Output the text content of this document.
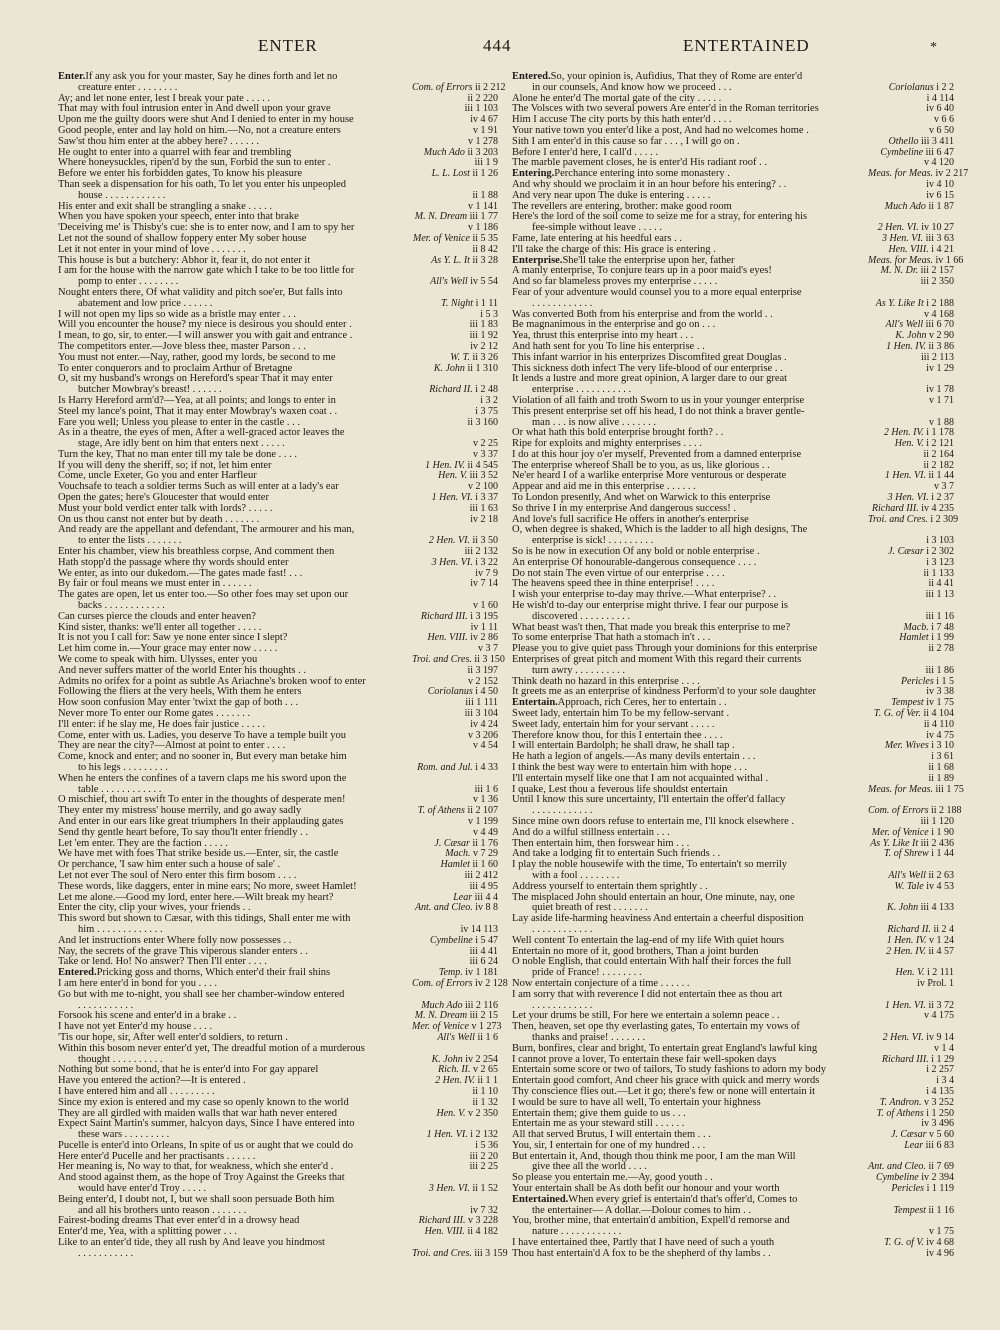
ENTER	444	ENTERTAINED	*
Enter.If any ask you for your master, Say he dines forth and let no
creature enter . . . . . . . .	Com. of Errors ii 2 212
Ay; and let none enter, lest I break your pate . . . . .	ii 2 220
That may with foul intrusion enter in And dwell upon your grave	iii 1 103
Upon me the guilty doors were shut And I denied to enter in my house	iv 4 67
Good people, enter and lay hold on him.—No, not a creature enters	v 1 91
Saw'st thou him enter at the abbey here? . . . . . .	v 1 278
He ought to enter into a quarrel with fear and trembling	Much Ado ii 3 203
Where honeysuckles, ripen'd by the sun, Forbid the sun to enter .	iii 1 9
Before we enter his forbidden gates, To know his pleasure	L. L. Lost ii 1 26
Than seek a dispensation for his oath, To let you enter his unpeopled
house . . . . . . . . . . . .	ii 1 88
His enter and exit shall be strangling a snake . . . . .	v 1 141
When you have spoken your speech, enter into that brake	M. N. Dream iii 1 77
'Deceiving me' is Thisby's cue: she is to enter now, and I am to spy her	v 1 186
Let not the sound of shallow foppery enter My sober house	Mer. of Venice ii 5 35
Let it not enter in your mind of love . . . . . . .	ii 8 42
This house is but a butchery: Abhor it, fear it, do not enter it	As Y. L. It ii 3 28
I am for the house with the narrow gate which I take to be too little for
pomp to enter . . . . . . . .	All's Well iv 5 54
Nought enters there, Of what validity and pitch soe'er, But falls into
abatement and low price . . . . . .	T. Night i 1 11
I will not open my lips so wide as a bristle may enter . . .	i 5 3
Will you encounter the house? my niece is desirous you should enter .	iii 1 83
I mean, to go, sir, to enter.—I will answer you with gait and entrance .	iii 1 92
The competitors enter.—Jove bless thee, master Parson . . .	iv 2 12
You must not enter.—Nay, rather, good my lords, be second to me	W. T. ii 3 26
To enter conquerors and to proclaim Arthur of Bretagne	K. John ii 1 310
O, sit my husband's wrongs on Hereford's spear That it may enter
butcher Mowbray's breast! . . . . . .	Richard II. i 2 48
Is Harry Hereford arm'd?—Yea, at all points; and longs to enter in	i 3 2
Steel my lance's point, That it may enter Mowbray's waxen coat . .	i 3 75
Fare you well; Unless you please to enter in the castle . . .	ii 3 160
As in a theatre, the eyes of men, After a well-graced actor leaves the
stage, Are idly bent on him that enters next . . . . .	v 2 25
Turn the key, That no man enter till my tale be done . . . .	v 3 37
If you will deny the sheriff, so; if not, let him enter	1 Hen. IV. ii 4 545
Come, uncle Exeter, Go you and enter Harfleur	Hen. V. iii 3 52
Vouchsafe to teach a soldier terms Such as will enter at a lady's ear	v 2 100
Open the gates; here's Gloucester that would enter	1 Hen. VI. i 3 37
Must your bold verdict enter talk with lords? . . . . .	iii 1 63
On us thou canst not enter but by death . . . . . . .	iv 2 18
And ready are the appellant and defendant, The armourer and his man,
to enter the lists . . . . . . .	2 Hen. VI. ii 3 50
Enter his chamber, view his breathless corpse, And comment then	iii 2 132
Hath stopp'd the passage where thy words should enter	3 Hen. VI. i 3 22
We enter, as into our dukedom.—The gates made fast! . . .	iv 7 9
By fair or foul means we must enter in . . . . . .	iv 7 14
The gates are open, let us enter too.—So other foes may set upon our
backs . . . . . . . . . . . .	v 1 60
Can curses pierce the clouds and enter heaven?	Richard III. i 3 195
Kind sister, thanks: we'll enter all together . . . . .	iv 1 11
It is not you I call for: Saw ye none enter since I slept?	Hen. VIII. iv 2 86
Let him come in.—Your grace may enter now . . . . .	v 3 7
We come to speak with him. Ulysses, enter you	Troi. and Cres. ii 3 150
And never suffers matter of the world Enter his thoughts . .	ii 3 197
Admits no orifex for a point as subtle As Ariachne's broken woof to enter	v 2 152
Following the fliers at the very heels, With them he enters	Coriolanus i 4 50
How soon confusion May enter 'twixt the gap of both . . .	iii 1 111
Never more To enter our Rome gates . . . . . . .	iii 3 104
I'll enter: if he slay me, He does fair justice . . . . .	iv 4 24
Come, enter with us. Ladies, you deserve To have a temple built you	v 3 206
They are near the city?—Almost at point to enter . . . .	v 4 54
Come, knock and enter; and no sooner in, But every man betake him
to his legs . . . . . . . . .	Rom. and Jul. i 4 33
When he enters the confines of a tavern claps me his sword upon the
table . . . . . . . . . . . .	iii 1 6
O mischief, thou art swift To enter in the thoughts of desperate men!	v 1 36
They enter my mistress' house merrily, and go away sadly	T. of Athens ii 2 107
And enter in our ears like great triumphers In their applauding gates	v 1 199
Send thy gentle heart before, To say thou'lt enter friendly . .	v 4 49
Let 'em enter. They are the faction . . . . .	J. Cæsar ii 1 76
We have met with foes That strike beside us.—Enter, sir, the castle	Mach. v 7 29
Or perchance, 'I saw him enter such a house of sale' .	Hamlet ii 1 60
Let not ever The soul of Nero enter this firm bosom . . . .	iii 2 412
These words, like daggers, enter in mine ears; No more, sweet Hamlet!	iii 4 95
Let me alone.—Good my lord, enter here.—Wilt break my heart?	Lear iii 4 4
Enter the city, clip your wives, your friends . .	Ant. and Cleo. iv 8 8
This sword but shown to Cæsar, with this tidings, Shall enter me with
him . . . . . . . . . . . . .	iv 14 113
And let instructions enter Where folly now possesses . .	Cymbeline i 5 47
Nay, the secrets of the grave This viperous slander enters . .	iii 4 41
Take or lend. Ho! No answer? Then I'll enter . . . .	iii 6 24
Entered.Pricking goss and thorns, Which enter'd their frail shins	Temp. iv 1 181
I am here enter'd in bond for you . . . .	Com. of Errors iv 2 128
Go but with me to-night, you shall see her chamber-window entered
. . . . . . . . . . .	Much Ado iii 2 116
Forsook his scene and enter'd in a brake . .	M. N. Dream iii 2 15
I have not yet Enter'd my house . . . .	Mer. of Venice v 1 273
'Tis our hope, sir, After well enter'd soldiers, to return .	All's Well ii 1 6
Within this bosom never enter'd yet, The dreadful motion of a murderous
thought . . . . . . . . . .	K. John iv 2 254
Nothing but some bond, that he is enter'd into For gay apparel	Rich. II. v 2 65
Have you entered the action?—It is entered .	2 Hen. IV. ii 1 1
I have entered him and all . . . . . . . . .	ii 1 10
Since my exion is entered and my case so openly known to the world	ii 1 32
They are all girdled with maiden walls that war hath never entered	Hen. V. v 2 350
Expect Saint Martin's summer, halcyon days, Since I have entered into
these wars . . . . . . . . .	1 Hen. VI. i 2 132
Pucelle is enter'd into Orleans, In spite of us or aught that we could do	i 5 36
Here enter'd Pucelle and her practisants . . . . . .	iii 2 20
Her meaning is, No way to that, for weakness, which she enter'd .	iii 2 25
And stood against them, as the hope of Troy Against the Greeks that
would have enter'd Troy . . . . .	3 Hen. VI. ii 1 52
Being enter'd, I doubt not, I, but we shall soon persuade Both him
and all his brothers unto reason . . . . . . .	iv 7 32
Fairest-boding dreams That ever enter'd in a drowsy head	Richard III. v 3 228
Enter'd me, Yea, with a splitting power . . .	Hen. VIII. ii 4 182
Like to an enter'd tide, they all rush by And leave you hindmost
. . . . . . . . . . .	Troi. and Cres. iii 3 159
Entered.So, your opinion is, Aufidius, That they of Rome are enter'd
in our counsels, And know how we proceed . . .	Coriolanus i 2 2
Alone he enter'd The mortal gate of the city . . . . .	i 4 114
The Volsces with two several powers Are enter'd in the Roman territories	iv 6 40
Him I accuse The city ports by this hath enter'd . . . .	v 6 6
Your native town you enter'd like a post, And had no welcomes home .	v 6 50
Sith I am enter'd in this cause so far . . . , I will go on .	Othello iii 3 411
Before I enter'd here, I call'd . . . . .	Cymbeline iii 6 47
The marble pavement closes, he is enter'd His radiant roof . .	v 4 120
Entering.Perchance entering into some monastery .	Meas. for Meas. iv 2 217
And why should we proclaim it in an hour before his entering? . .	iv 4 10
And very near upon The duke is entering . . . . .	iv 6 15
The revellers are entering, brother: make good room	Much Ado ii 1 87
Here's the lord of the soil come to seize me for a stray, for entering his
fee-simple without leave . . . . .	2 Hen. VI. iv 10 27
Fame, late entering at his heedful ears . .	3 Hen. VI. iii 3 63
I'll take the charge of this: His grace is entering .	Hen. VIII. i 4 21
Enterprise.She'll take the enterprise upon her, father	Meas. for Meas. iv 1 66
A manly enterprise, To conjure tears up in a poor maid's eyes!	M. N. Dr. iii 2 157
And so far blameless proves my enterprise . . . . .	iii 2 350
Fear of your adventure would counsel you to a more equal enterprise
. . . . . . . . . . . .	As Y. Like It i 2 188
Was converted Both from his enterprise and from the world . .	v 4 168
Be magnanimous in the enterprise and go on . . .	All's Well iii 6 70
Yea, thrust this enterprise into my heart . . .	K. John v 2 90
And hath sent for you To line his enterprise . .	1 Hen. IV. ii 3 86
This infant warrior in his enterprizes Discomfited great Douglas .	iii 2 113
This sickness doth infect The very life-blood of our enterprise . .	iv 1 29
It lends a lustre and more great opinion, A larger dare to our great
enterprise . . . . . . . . . . .	iv 1 78
Violation of all faith and troth Sworn to us in your younger enterprise	v 1 71
This present enterprise set off his head, I do not think a braver gentle-
man . . . is now alive . . . . . . .	v 1 88
Or what hath this bold enterprise brought forth? . .	2 Hen. IV. i 1 178
Ripe for exploits and mighty enterprises . . . .	Hen. V. i 2 121
I do at this hour joy o'er myself, Prevented from a damned enterprise	ii 2 164
The enterprise whereof Shall be to you, as us, like glorious . .	ii 2 182
Ne'er heard I of a warlike enterprise More venturous or desperate	1 Hen. VI. ii 1 44
Appear and aid me in this enterprise . . . . . .	v 3 7
To London presently, And whet on Warwick to this enterprise	3 Hen. VI. i 2 37
So thrive I in my enterprise And dangerous success! .	Richard III. iv 4 235
And love's full sacrifice He offers in another's enterprise	Troi. and Cres. i 2 309
O, when degree is shaked, Which is the ladder to all high designs, The
enterprise is sick! . . . . . . . . .	i 3 103
So is he now in execution Of any bold or noble enterprise .	J. Cæsar i 2 302
An enterprise Of honourable-dangerous consequence . . . .	i 3 123
Do not stain The even virtue of our enterprise . . . .	ii 1 133
The heavens speed thee in thine enterprise! . . . .	ii 4 41
I wish your enterprise to-day may thrive.—What enterprise? . .	iii 1 13
He wish'd to-day our enterprise might thrive. I fear our purpose is
discovered . . . . . . . . . .	iii 1 16
What beast was't then, That made you break this enterprise to me?	Macb. i 7 48
To some enterprise That hath a stomach in't . . .	Hamlet i 1 99
Please you to give quiet pass Through your dominions for this enterprise	ii 2 78
Enterprises of great pitch and moment With this regard their currents
turn awry . . . . . . . . . .	iii 1 86
Think death no hazard in this enterprise . . . .	Pericles i 1 5
It greets me as an enterprise of kindness Perform'd to your sole daughter	iv 3 38
Entertain.Approach, rich Ceres, her to entertain . .	Tempest iv 1 75
Sweet lady, entertain him To be my fellow-servant .	T. G. of Ver. ii 4 104
Sweet lady, entertain him for your servant . . . . .	ii 4 110
Therefore know thou, for this I entertain thee . . . .	iv 4 75
I will entertain Bardolph; he shall draw, he shall tap .	Mer. Wives i 3 10
He hath a legion of angels.—As many devils entertain . . .	i 3 61
I think the best way were to entertain him with hope . . .	ii 1 68
I'll entertain myself like one that I am not acquainted withal .	ii 1 89
I quake, Lest thou a feverous life shouldst entertain	Meas. for Meas. iii 1 75
Until I know this sure uncertainty, I'll entertain the offer'd fallacy
. . . . . . . . . . . .	Com. of Errors ii 2 188
Since mine own doors refuse to entertain me, I'll knock elsewhere .	iii 1 120
And do a wilful stillness entertain . . .	Mer. of Venice i 1 90
Then entertain him, then forswear him . . .	As Y. Like It iii 2 436
And take a lodging fit to entertain Such friends . .	T. of Shrew i 1 44
I play the noble housewife with the time, To entertain't so merrily
with a fool . . . . . . . .	All's Well ii 2 63
Address yourself to entertain them sprightly . .	W. Tale iv 4 53
The misplaced John should entertain an hour, One minute, nay, one
quiet breath of rest . . . . . . .	K. John iii 4 133
Lay aside life-harming heaviness And entertain a cheerful disposition
. . . . . . . . . . . .	Richard II. ii 2 4
Well content To entertain the lag-end of my life With quiet hours	1 Hen. IV. v 1 24
Entertain no more of it, good brothers, Than a joint burden	2 Hen. IV. ii 4 57
O noble English, that could entertain With half their forces the full
pride of France! . . . . . . . .	Hen. V. i 2 111
Now entertain conjecture of a time . . . . . .	iv Prol. 1
I am sorry that with reverence I did not entertain thee as thou art
. . . . . . . . . . . .	1 Hen. VI. ii 3 72
Let your drums be still, For here we entertain a solemn peace . .	v 4 175
Then, heaven, set ope thy everlasting gates, To entertain my vows of
thanks and praise! . . . . . . .	2 Hen. VI. iv 9 14
Burn, bonfires, clear and bright, To entertain great England's lawful king	v 1 4
I cannot prove a lover, To entertain these fair well-spoken days	Richard III. i 1 29
Entertain some score or two of tailors, To study fashions to adorn my body	i 2 257
Entertain good comfort, And cheer his grace with quick and merry words	i 3 4
Thy conscience flies out.—Let it go; there's few or none will entertain it	i 4 135
I would be sure to have all well, To entertain your highness	T. Andron. v 3 252
Entertain them; give them guide to us . . .	T. of Athens i 1 250
Entertain me as your steward still . . . . . .	iv 3 496
All that served Brutus, I will entertain them . . .	J. Cæsar v 5 60
You, sir, I entertain for one of my hundred . . .	Lear iii 6 83
But entertain it, And, though thou think me poor, I am the man Will
give thee all the world . . . .	Ant. and Cleo. ii 7 69
So please you entertain me.—Ay, good youth . .	Cymbeline iv 2 394
Your entertain shall be As doth befit our honour and your worth	Pericles i 1 119
Entertained.When every grief is entertain'd that's offer'd, Comes to
the entertainer— A dollar.—Dolour comes to him . .	Tempest ii 1 16
You, brother mine, that entertain'd ambition, Expell'd remorse and
nature . . . . . . . . . . . .	v 1 75
I have entertained thee, Partly that I have need of such a youth	T. G. of V. iv 4 68
Thou hast entertain'd A fox to be the shepherd of thy lambs . .	iv 4 96
